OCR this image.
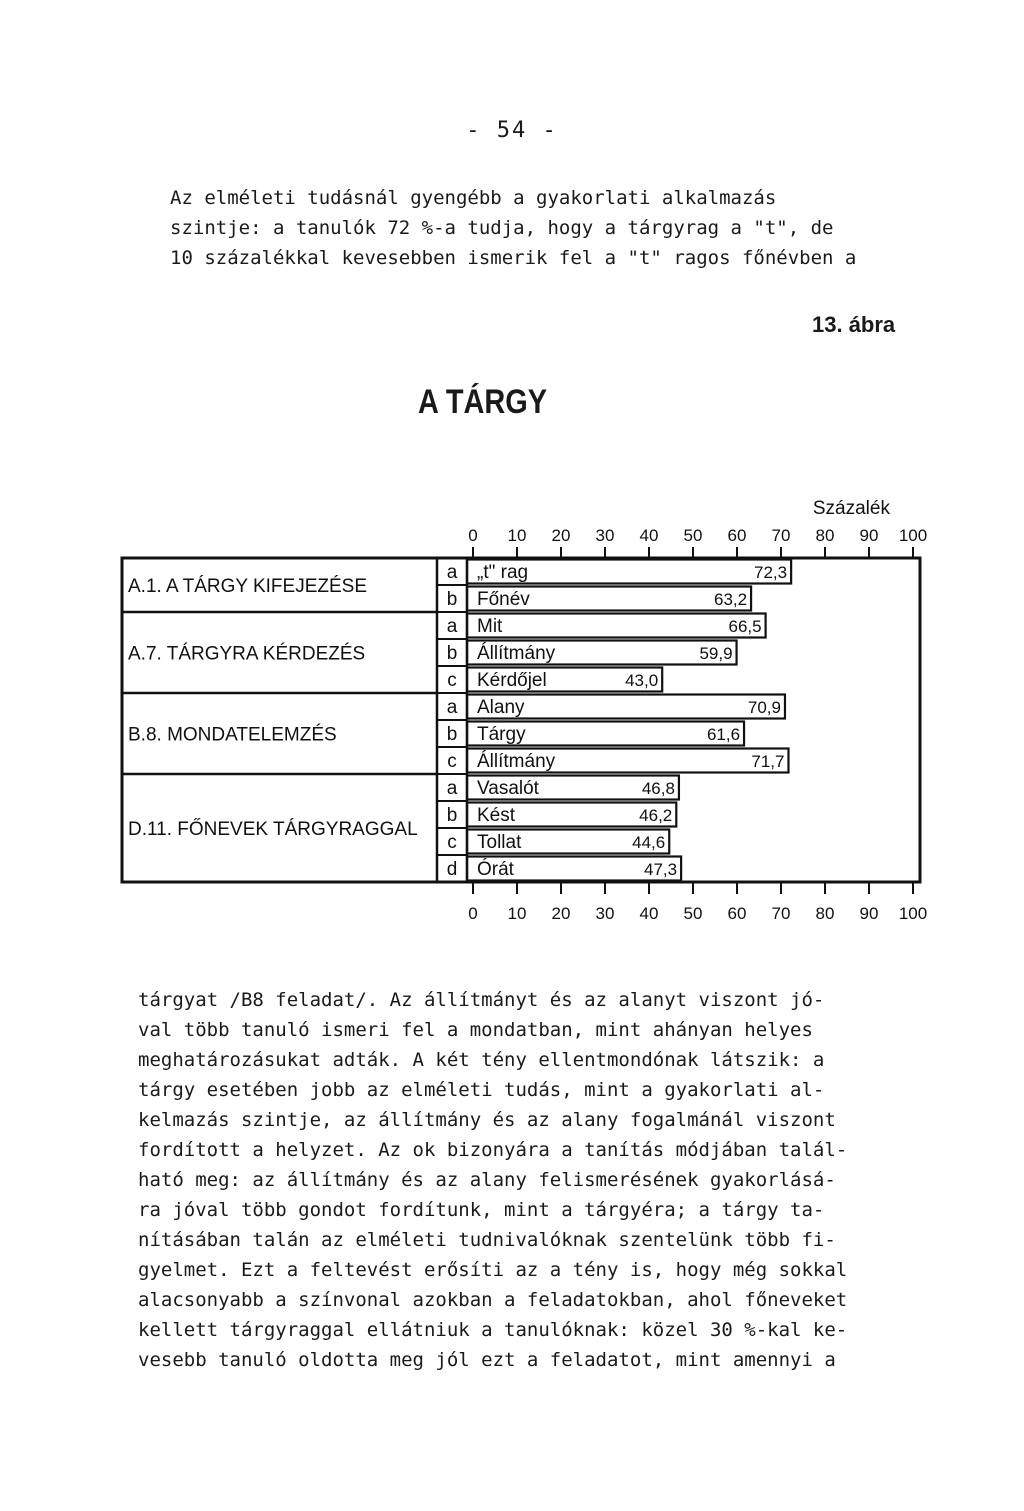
- 54 -
Az elméleti tudásnál gyengébb a gyakorlati alkalmazás
szintje: a tanulók 72 %-a tudja, hogy a tárgyrag a "t", de
10 százalékkal kevesebben ismerik fel a "t" ragos főnévben a
13. ábra
A TÁRGY
Százalék
0
0
10
10
20
20
30
30
40
40
50
50
60
60
70
70
80
80
90
90
100
100
A.1. A TÁRGY KIFEJEZÉSE
a „t" rag	72,3
b Főnév	63,2
A.7. TÁRGYRA KÉRDEZÉS
a Mit	66,5
b Állítmány	59,9
c Kérdőjel	43,0
B.8. MONDATELEMZÉS
a Alany	70,9
b Tárgy	61,6
c Állítmány	71,7
D.11. FŐNEVEK TÁRGYRAGGAL
a Vasalót	46,8
b Kést	46,2
c Tollat	44,6
d Órát	47,3
tárgyat /B8 feladat/. Az állítmányt és az alanyt viszont jó-
val több tanuló ismeri fel a mondatban, mint ahányan helyes
meghatározásukat adták. A két tény ellentmondónak látszik: a
tárgy esetében jobb az elméleti tudás, mint a gyakorlati al-
kelmazás szintje, az állítmány és az alany fogalmánál viszont
fordított a helyzet. Az ok bizonyára a tanítás módjában talál-
ható meg: az állítmány és az alany felismerésének gyakorlásá-
ra jóval több gondot fordítunk, mint a tárgyéra; a tárgy ta-
nításában talán az elméleti tudnivalóknak szentelünk több fi-
gyelmet. Ezt a feltevést erősíti az a tény is, hogy még sokkal
alacsonyabb a színvonal azokban a feladatokban, ahol főneveket
kellett tárgyraggal ellátniuk a tanulóknak: közel 30 %-kal ke-
vesebb tanuló oldotta meg jól ezt a feladatot, mint amennyi a
